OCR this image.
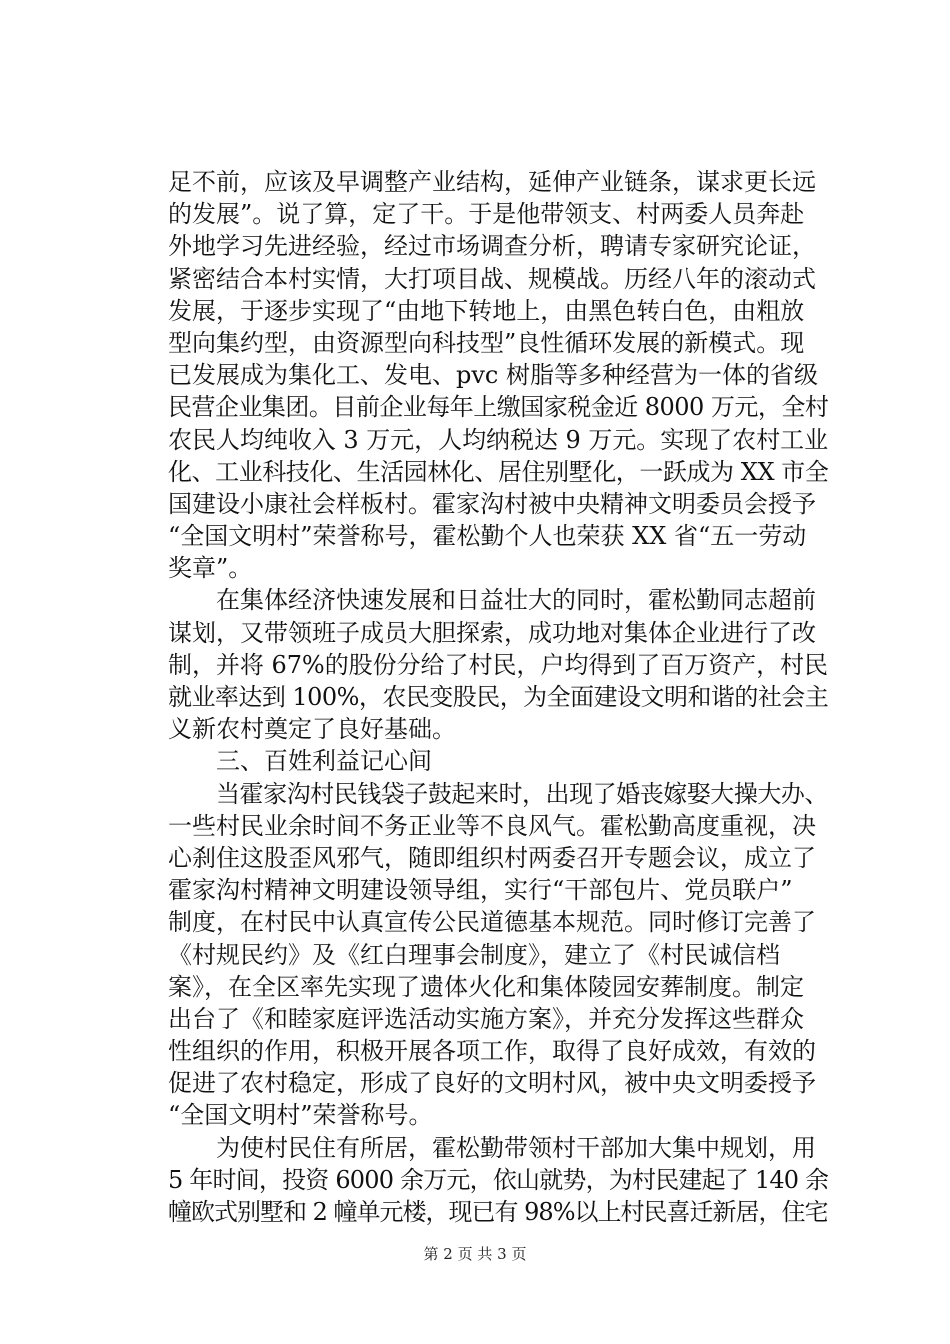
足不前，应该及早调整产业结构，延伸产业链条，谋求更长远
的发展”。说了算，定了干。于是他带领支、村两委人员奔赴
外地学习先进经验，经过市场调查分析，聘请专家研究论证，
紧密结合本村实情，大打项目战、规模战。历经八年的滚动式
发展，于逐步实现了“由地下转地上，由黑色转白色，由粗放
型向集约型，由资源型向科技型”良性循环发展的新模式。现
已发展成为集化工、发电、pvc 树脂等多种经营为一体的省级
民营企业集团。目前企业每年上缴国家税金近 8000 万元，全村
农民人均纯收入 3 万元，人均纳税达 9 万元。实现了农村工业
化、工业科技化、生活园林化、居住别墅化，一跃成为 XX 市全
国建设小康社会样板村。霍家沟村被中央精神文明委员会授予
“全国文明村”荣誉称号，霍松勤个人也荣获 XX 省“五一劳动
奖章”。
在集体经济快速发展和日益壮大的同时，霍松勤同志超前
谋划，又带领班子成员大胆探索，成功地对集体企业进行了改
制，并将 67%的股份分给了村民，户均得到了百万资产，村民
就业率达到 100%，农民变股民，为全面建设文明和谐的社会主
义新农村奠定了良好基础。
三、百姓利益记心间
当霍家沟村民钱袋子鼓起来时，出现了婚丧嫁娶大操大办、
一些村民业余时间不务正业等不良风气。霍松勤高度重视，决
心刹住这股歪风邪气，随即组织村两委召开专题会议，成立了
霍家沟村精神文明建设领导组，实行“干部包片、党员联户”
制度，在村民中认真宣传公民道德基本规范。同时修订完善了
《村规民约》及《红白理事会制度》，建立了《村民诚信档
案》，在全区率先实现了遗体火化和集体陵园安葬制度。制定
出台了《和睦家庭评选活动实施方案》，并充分发挥这些群众
性组织的作用，积极开展各项工作，取得了良好成效，有效的
促进了农村稳定，形成了良好的文明村风，被中央文明委授予
“全国文明村”荣誉称号。
为使村民住有所居，霍松勤带领村干部加大集中规划，用
5 年时间，投资 6000 余万元，依山就势，为村民建起了 140 余
幢欧式别墅和 2 幢单元楼，现已有 98%以上村民喜迁新居，住宅
第 2 页 共 3 页
